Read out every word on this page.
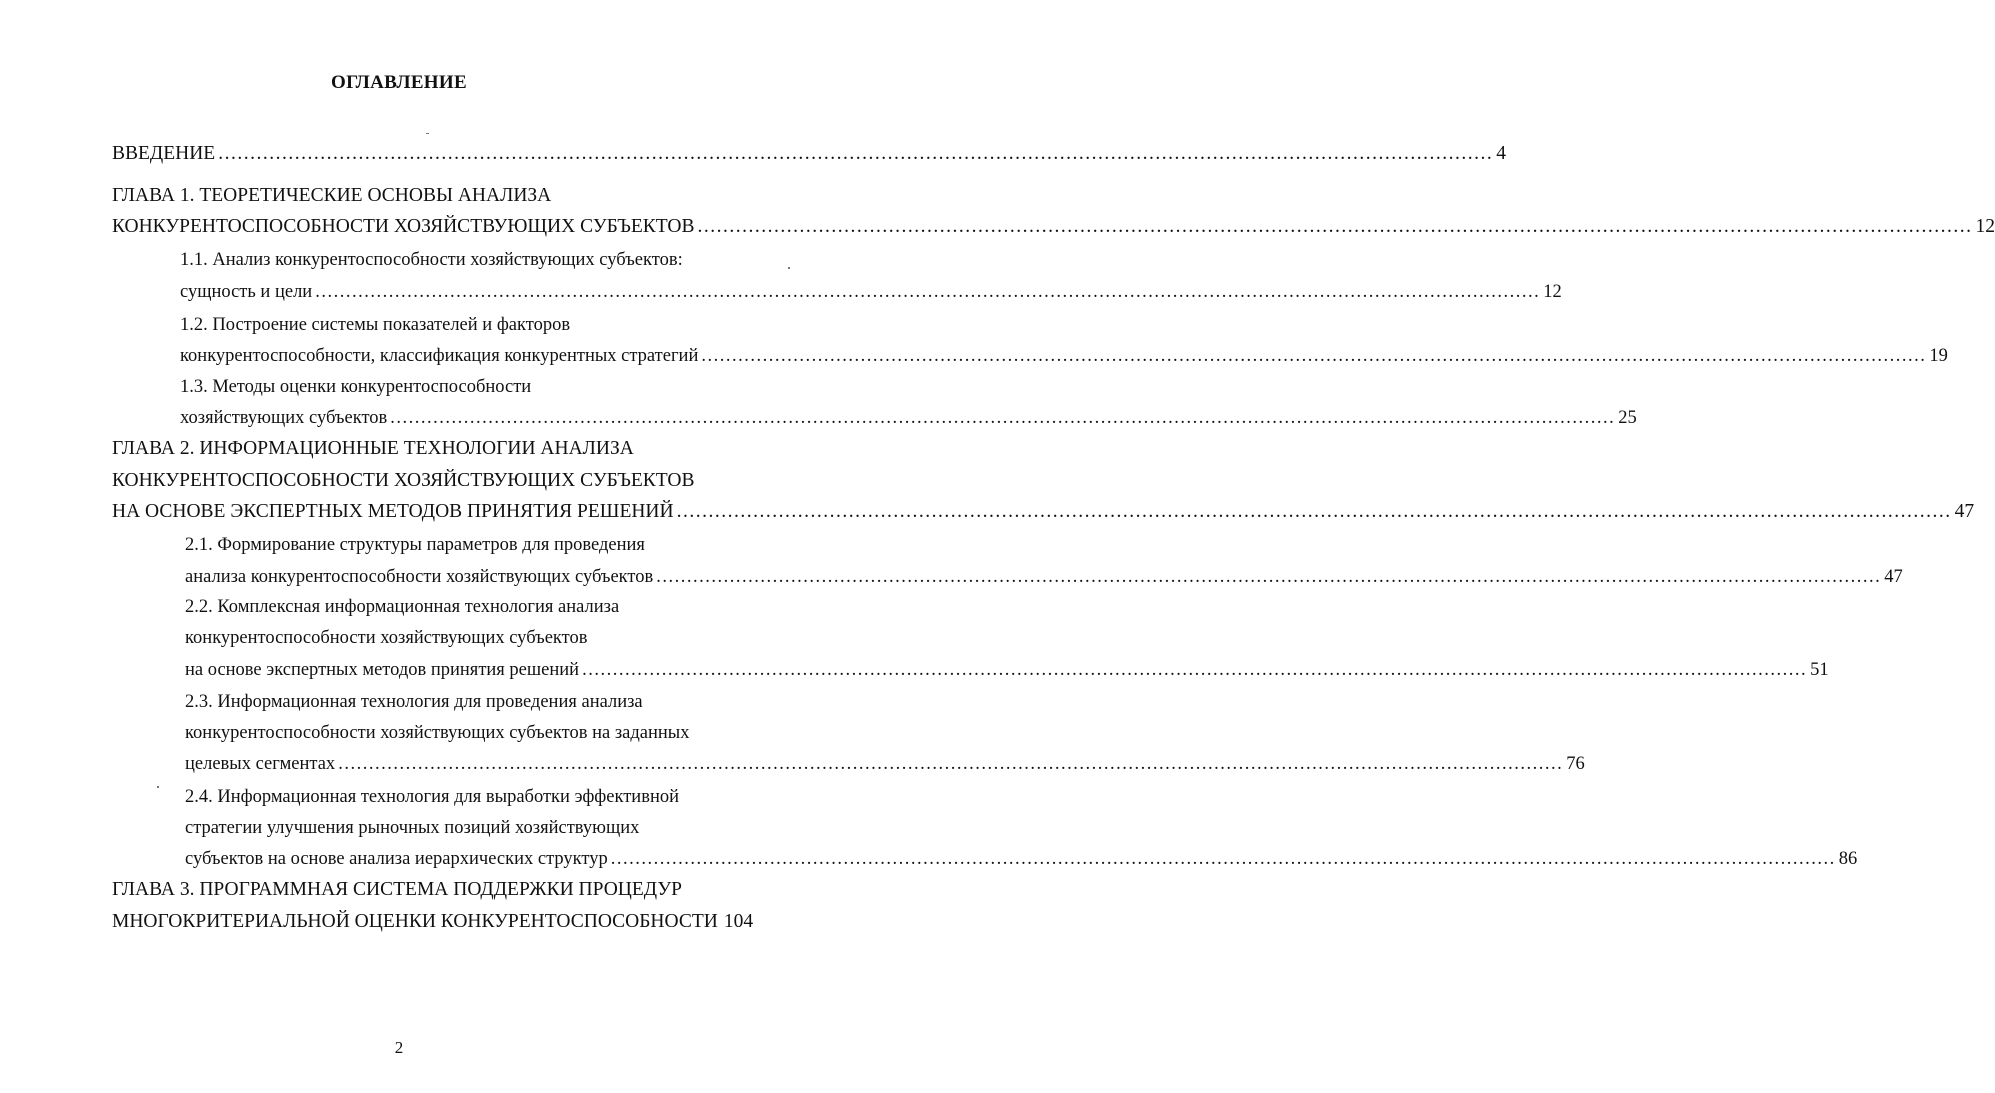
ОГЛАВЛЕНИЕ
ВВЕДЕНИЕ ........................................................................................................................................................................................................ 4
ГЛАВА 1. ТЕОРЕТИЧЕСКИЕ ОСНОВЫ АНАЛИЗА
КОНКУРЕНТОСПОСОБНОСТИ ХОЗЯЙСТВУЮЩИХ СУБЪЕКТОВ ........................................................................................................................................................................................................ 12
1.1. Анализ конкурентоспособности хозяйствующих субъектов:
сущность и цели ........................................................................................................................................................................................................ 12
1.2. Построение системы показателей и факторов
конкурентоспособности, классификация конкурентных стратегий ........................................................................................................................................................................................................ 19
1.3. Методы оценки конкурентоспособности
хозяйствующих субъектов ........................................................................................................................................................................................................ 25
ГЛАВА 2. ИНФОРМАЦИОННЫЕ ТЕХНОЛОГИИ АНАЛИЗА
КОНКУРЕНТОСПОСОБНОСТИ ХОЗЯЙСТВУЮЩИХ СУБЪЕКТОВ
НА ОСНОВЕ ЭКСПЕРТНЫХ МЕТОДОВ ПРИНЯТИЯ РЕШЕНИЙ ........................................................................................................................................................................................................ 47
2.1. Формирование структуры параметров для проведения
анализа конкурентоспособности хозяйствующих субъектов ........................................................................................................................................................................................................ 47
2.2. Комплексная информационная технология анализа
конкурентоспособности хозяйствующих субъектов
на основе экспертных методов принятия решений ........................................................................................................................................................................................................ 51
2.3. Информационная технология для проведения анализа
конкурентоспособности хозяйствующих субъектов на заданных
целевых сегментах ........................................................................................................................................................................................................ 76
2.4. Информационная технология для выработки эффективной
стратегии улучшения рыночных позиций хозяйствующих
субъектов на основе анализа иерархических структур ........................................................................................................................................................................................................ 86
ГЛАВА 3. ПРОГРАММНАЯ СИСТЕМА ПОДДЕРЖКИ ПРОЦЕДУР
МНОГОКРИТЕРИАЛЬНОЙ ОЦЕНКИ КОНКУРЕНТОСПОСОБНОСТИ 104
2
